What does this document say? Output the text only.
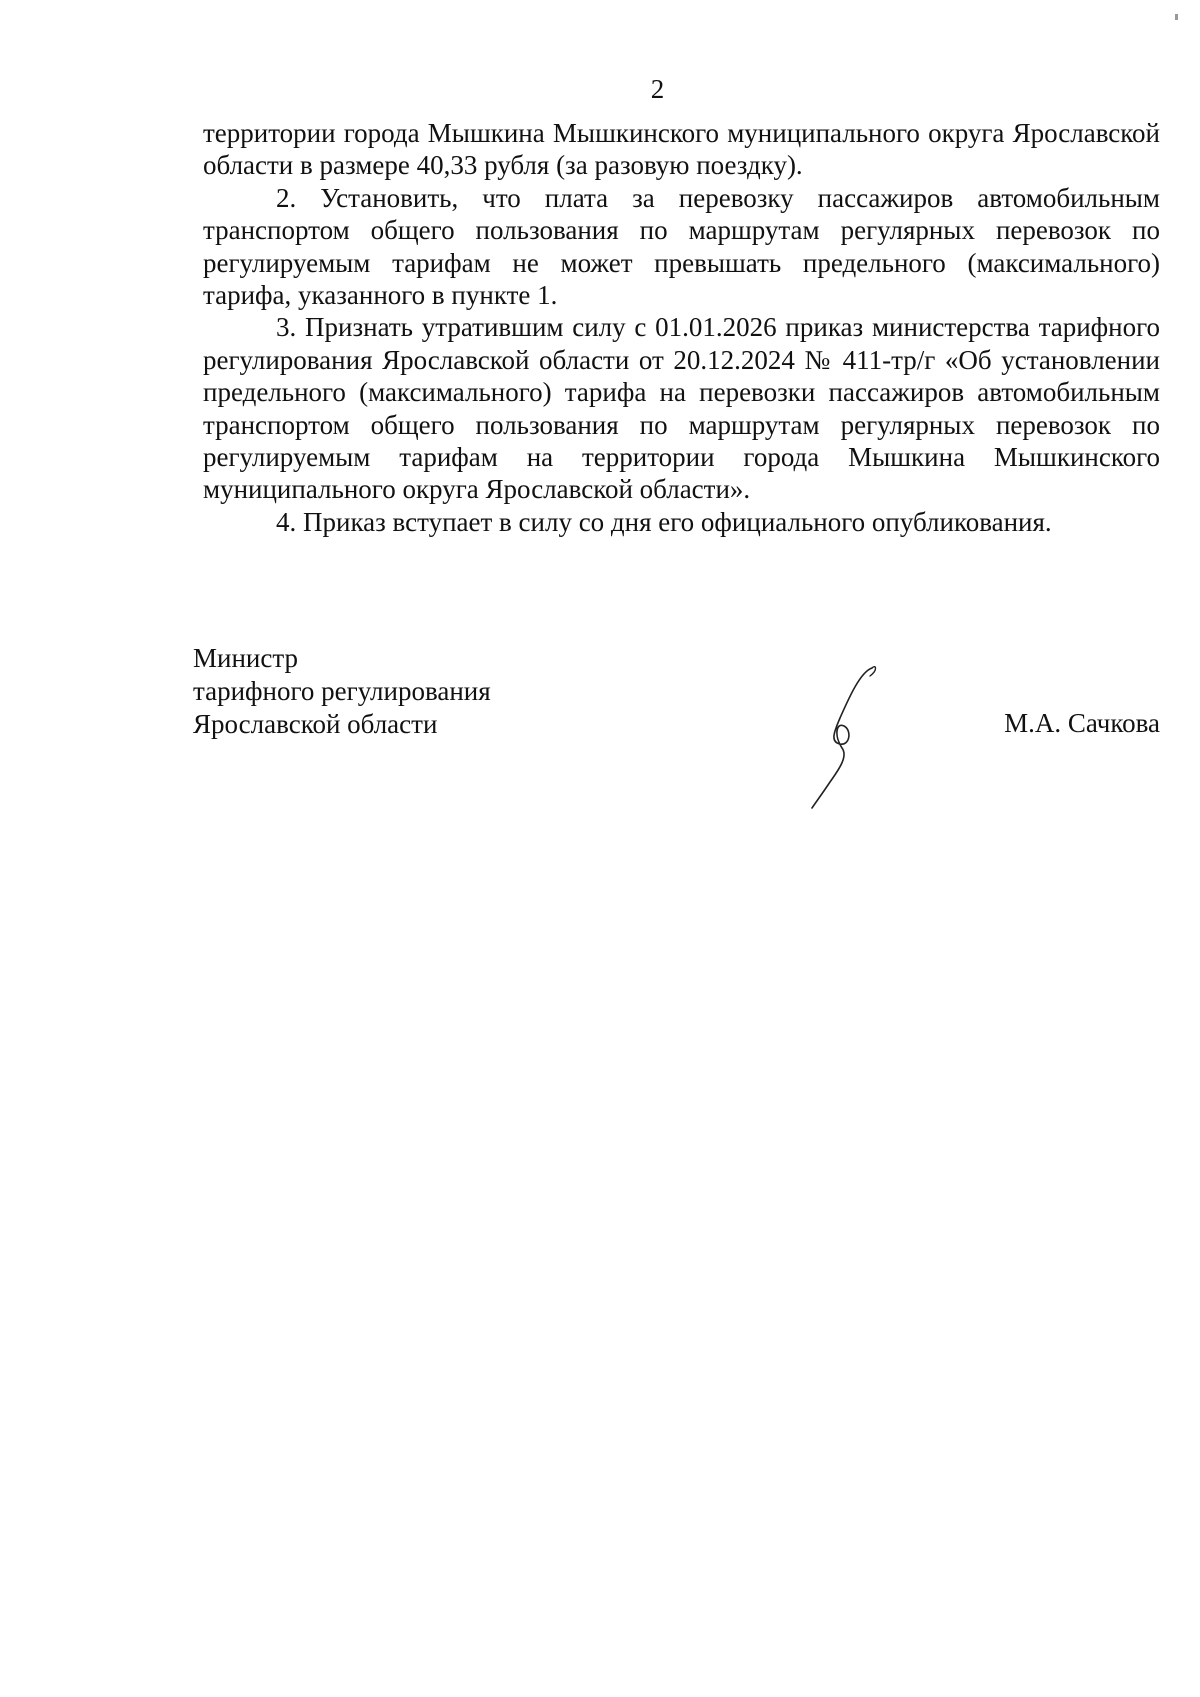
2

территории города Мышкина Мышкинского муниципального округа Ярославской области в размере 40,33 рубля (за разовую поездку).

2. Установить, что плата за перевозку пассажиров автомобильным транспортом общего пользования по маршрутам регулярных перевозок по регулируемым тарифам не может превышать предельного (максимального) тарифа, указанного в пункте 1.

3. Признать утратившим силу с 01.01.2026 приказ министерства тарифного регулирования Ярославской области от 20.12.2024 № 411-тр/г «Об установлении предельного (максимального) тарифа на перевозки пассажиров автомобильным транспортом общего пользования по маршрутам регулярных перевозок по регулируемым тарифам на территории города Мышкина Мышкинского муниципального округа Ярославской области».

4. Приказ вступает в силу со дня его официального опубликования.

Министр
тарифного регулирования
Ярославской области	М.А. Сачкова
